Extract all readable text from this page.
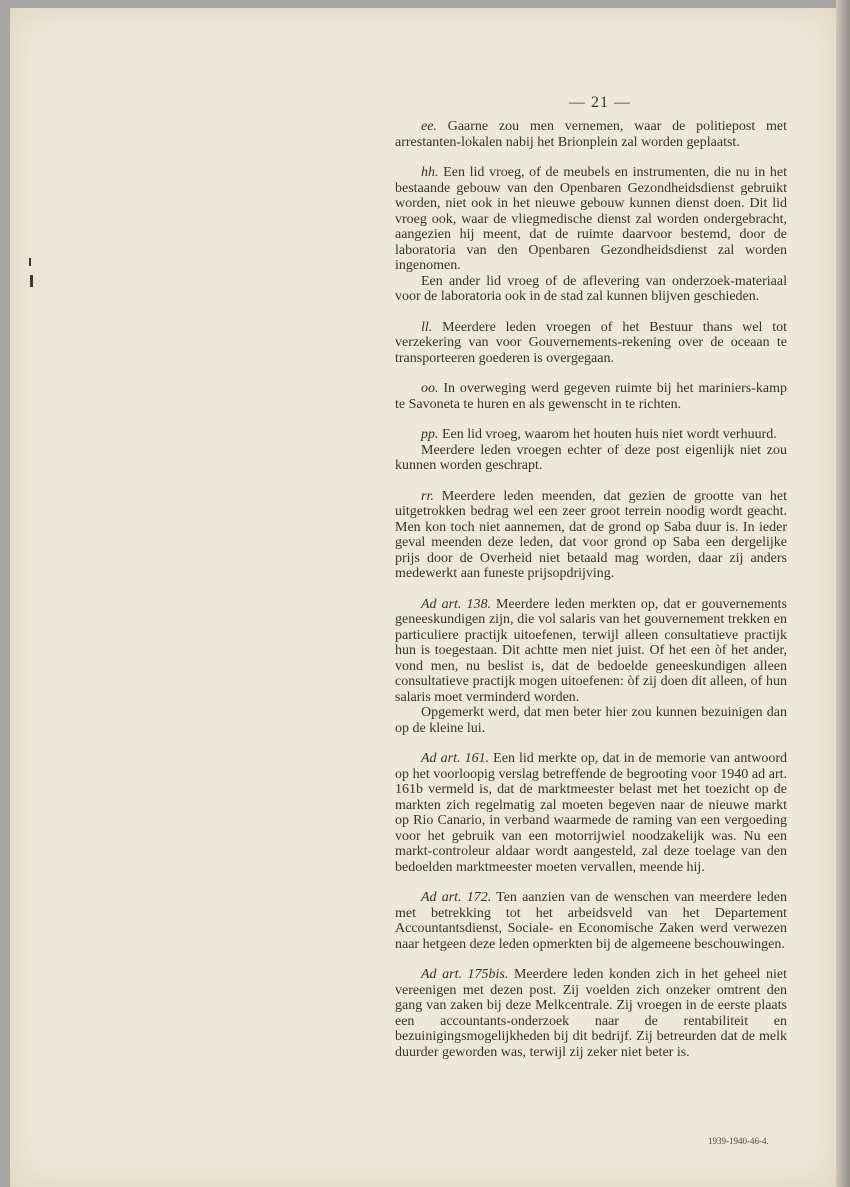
— 21 —

ee. Gaarne zou men vernemen, waar de politiepost met arrestanten-lokalen nabij het Brionplein zal worden geplaatst.

hh. Een lid vroeg, of de meubels en instrumenten, die nu in het bestaande gebouw van den Openbaren Gezondheidsdienst gebruikt worden, niet ook in het nieuwe gebouw kunnen dienst doen. Dit lid vroeg ook, waar de vliegmedische dienst zal worden ondergebracht, aangezien hij meent, dat de ruimte daarvoor bestemd, door de laboratoria van den Openbaren Gezondheidsdienst zal worden ingenomen.
Een ander lid vroeg of de aflevering van onderzoek-materiaal voor de laboratoria ook in de stad zal kunnen blijven geschieden.

ll. Meerdere leden vroegen of het Bestuur thans wel tot verzekering van voor Gouvernements-rekening over de oceaan te transporteeren goederen is overgegaan.

oo. In overweging werd gegeven ruimte bij het mariniers-kamp te Savoneta te huren en als gewenscht in te richten.

pp. Een lid vroeg, waarom het houten huis niet wordt verhuurd.
Meerdere leden vroegen echter of deze post eigenlijk niet zou kunnen worden geschrapt.

rr. Meerdere leden meenden, dat gezien de grootte van het uitgetrokken bedrag wel een zeer groot terrein noodig wordt geacht. Men kon toch niet aannemen, dat de grond op Saba duur is. In ieder geval meenden deze leden, dat voor grond op Saba een dergelijke prijs door de Overheid niet betaald mag worden, daar zij anders medewerkt aan funeste prijsopdrijving.

Ad art. 138. Meerdere leden merkten op, dat er gouvernements geneeskundigen zijn, die vol salaris van het gouvernement trekken en particuliere practijk uitoefenen, terwijl alleen consultatieve practijk hun is toegestaan. Dit achtte men niet juist. Of het een òf het ander, vond men, nu beslist is, dat de bedoelde geneeskundigen alleen consultatieve practijk mogen uitoefenen: òf zij doen dit alleen, of hun salaris moet verminderd worden.
Opgemerkt werd, dat men beter hier zou kunnen bezuinigen dan op de kleine lui.

Ad art. 161. Een lid merkte op, dat in de memorie van antwoord op het voorloopig verslag betreffende de begrooting voor 1940 ad art. 161b vermeld is, dat de marktmeester belast met het toezicht op de markten zich regelmatig zal moeten begeven naar de nieuwe markt op Rio Canario, in verband waarmede de raming van een vergoeding voor het gebruik van een motorrijwiel noodzakelijk was. Nu een markt-controleur aldaar wordt aangesteld, zal deze toelage van den bedoelden marktmeester moeten vervallen, meende hij.

Ad art. 172. Ten aanzien van de wenschen van meerdere leden met betrekking tot het arbeidsveld van het Departement Accountantsdienst, Sociale- en Economische Zaken werd verwezen naar hetgeen deze leden opmerkten bij de algemeene beschouwingen.

Ad art. 175bis. Meerdere leden konden zich in het geheel niet vereenigen met dezen post. Zij voelden zich onzeker omtrent den gang van zaken bij deze Melkcentrale. Zij vroegen in de eerste plaats een accountants-onderzoek naar de rentabiliteit en bezuinigingsmogelijkheden bij dit bedrijf. Zij betreurden dat de melk duurder geworden was, terwijl zij zeker niet beter is.

1939-1940-46-4.
